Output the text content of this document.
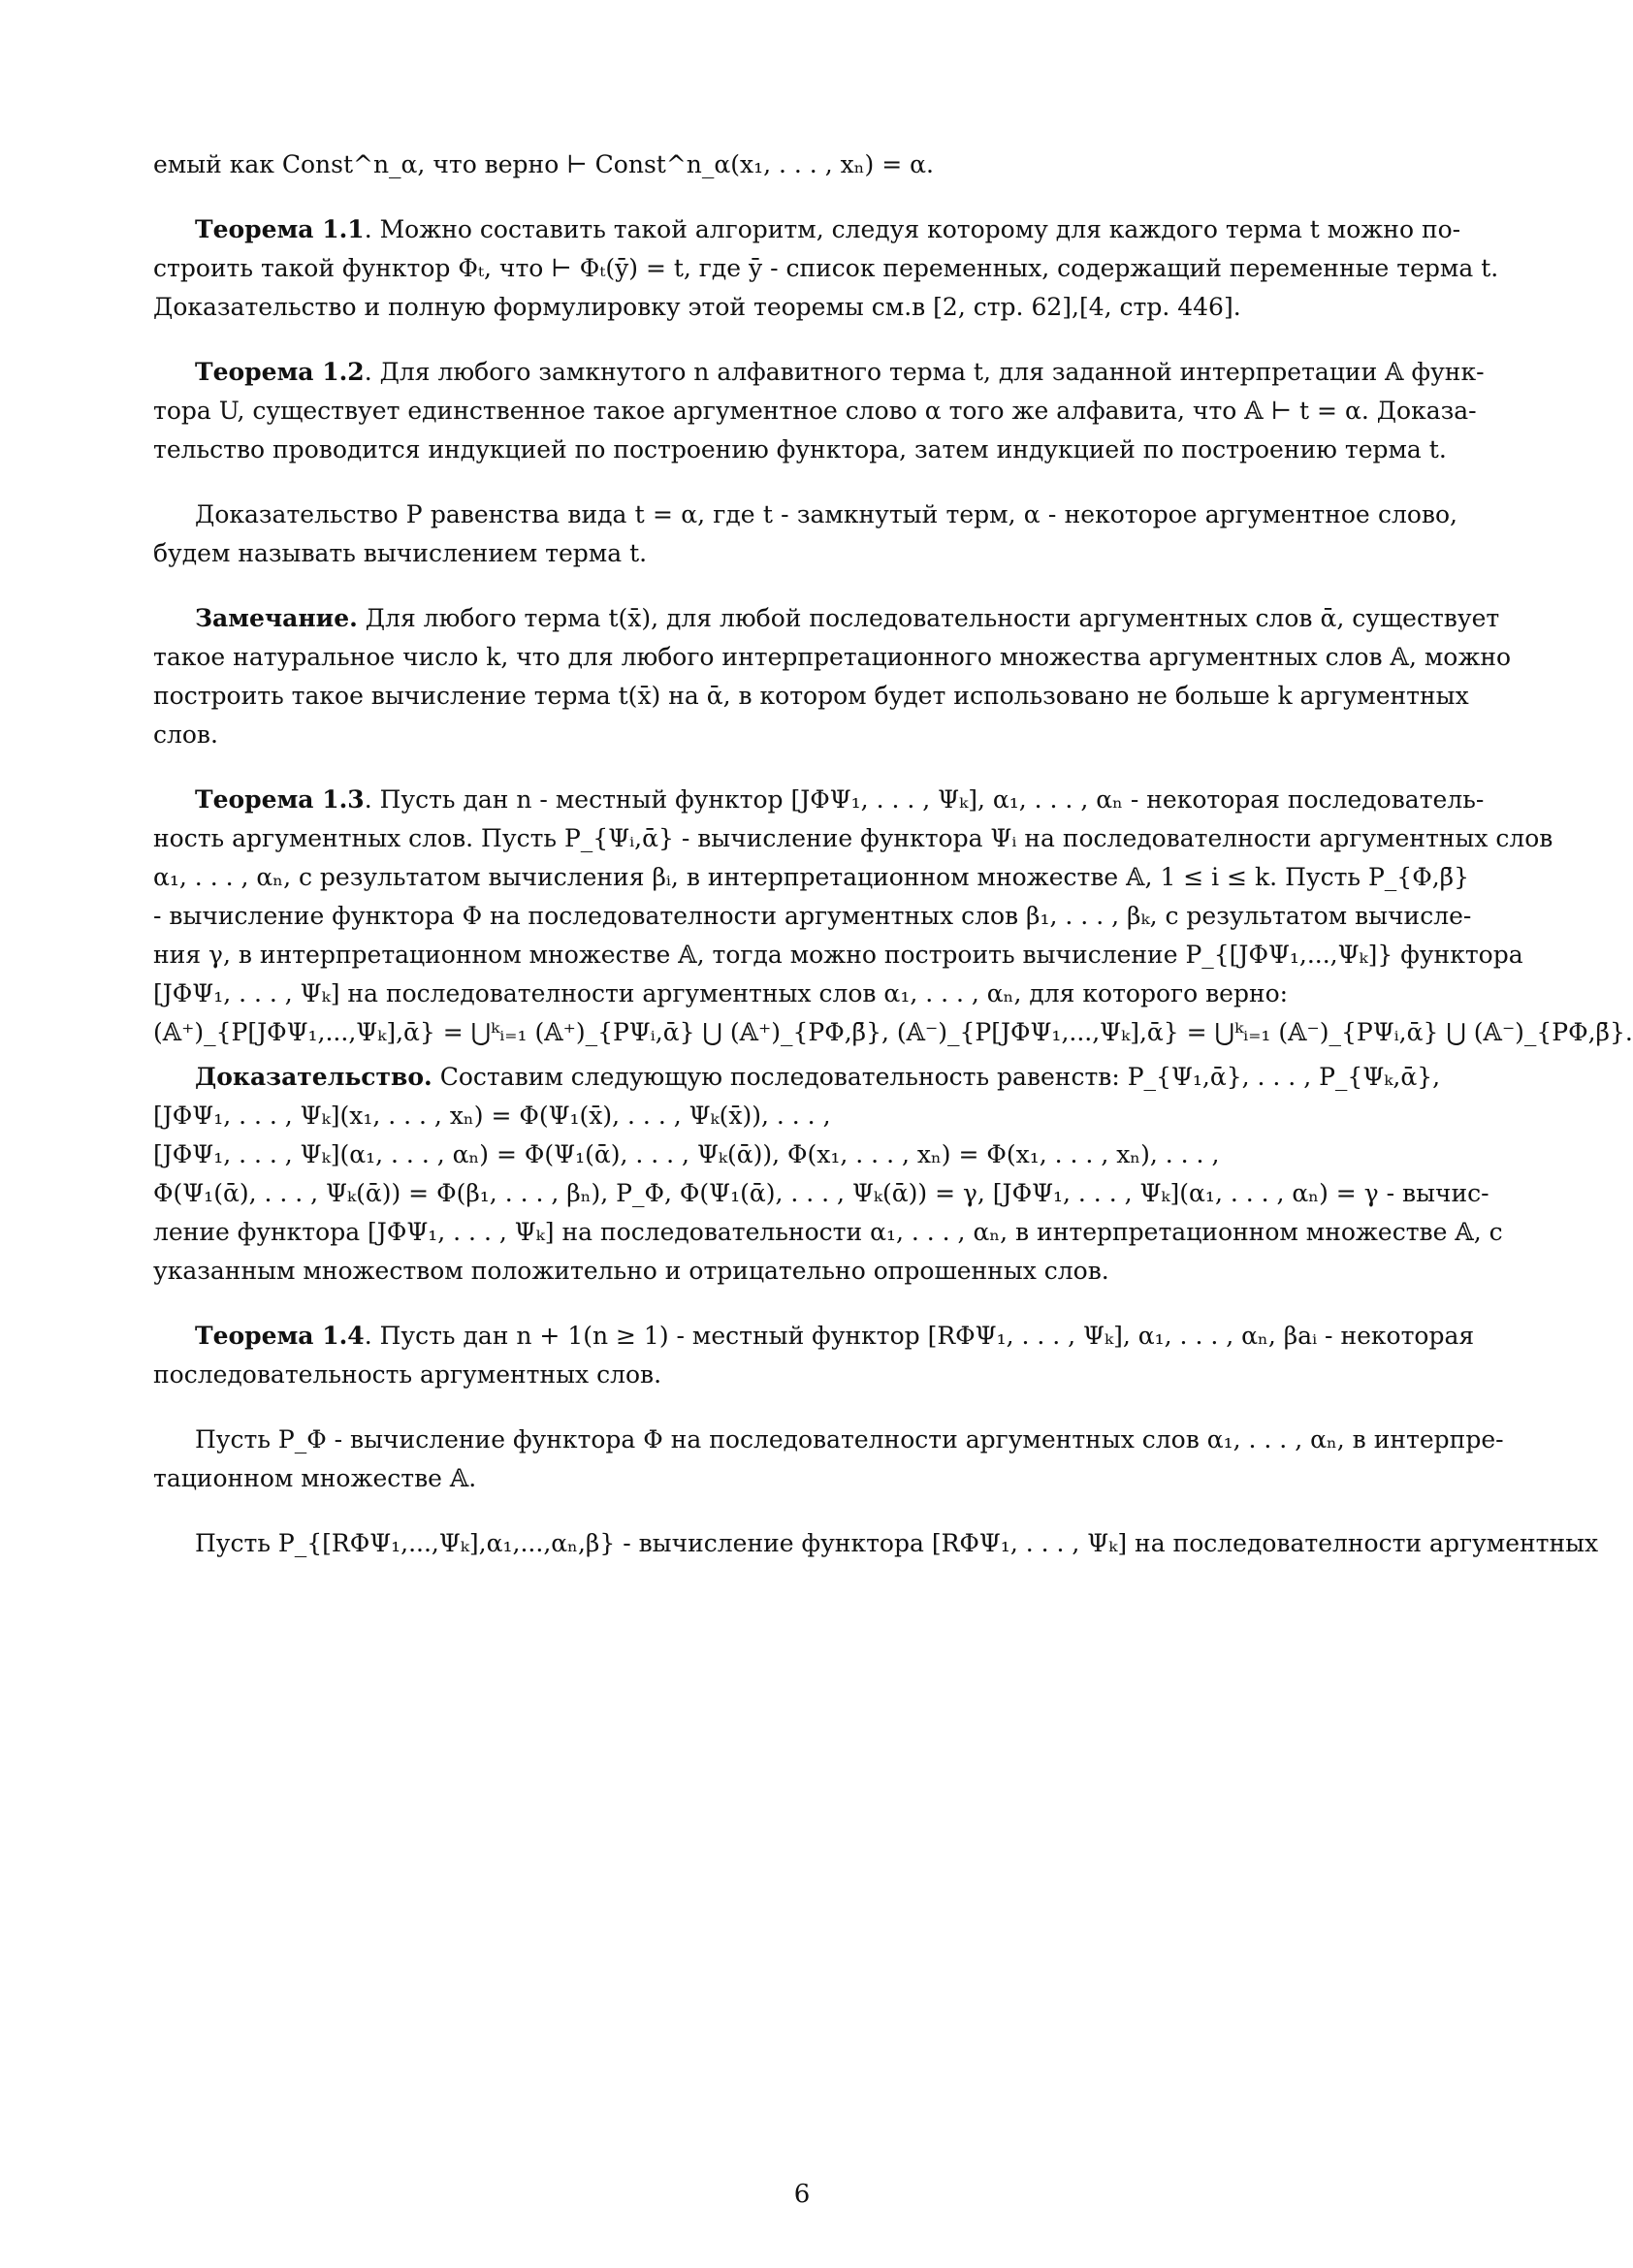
емый как Const^n_α, что верно ⊢ Const^n_α(x₁, . . . , xₙ) = α.
Теорема 1.1. Можно составить такой алгоритм, следуя которому для каждого терма t можно по-
строить такой функтор Φₜ, что ⊢ Φₜ(ȳ) = t, где ȳ - список переменных, содержащий переменные терма t.
Доказательство и полную формулировку этой теоремы см.в [2, стр. 62],[4, стр. 446].
Теорема 1.2. Для любого замкнутого n алфавитного терма t, для заданной интерпретации 𝔸 функ-
тора U, существует единственное такое аргументное слово α того же алфавита, что 𝔸 ⊢ t = α. Доказа-
тельство проводится индукцией по построению функтора, затем индукцией по построению терма t.
Доказательство P равенства вида t = α, где t - замкнутый терм, α - некоторое аргументное слово,
будем называть вычислением терма t.
Замечание. Для любого терма t(x̄), для любой последовательности аргументных слов ᾱ, существует
такое натуральное число k, что для любого интерпретационного множества аргументных слов 𝔸, можно
построить такое вычисление терма t(x̄) на ᾱ, в котором будет использовано не больше k аргументных
слов.
Теорема 1.3. Пусть дан n - местный функтор [JΦΨ₁, . . . , Ψₖ], α₁, . . . , αₙ - некоторая последователь-
ность аргументных слов. Пусть P_{Ψᵢ,ᾱ} - вычисление функтора Ψᵢ на последователности аргументных слов
α₁, . . . , αₙ, с результатом вычисления βᵢ, в интерпретационном множестве 𝔸, 1 ≤ i ≤ k. Пусть P_{Φ,β̄}
- вычисление функтора Φ на последователности аргументных слов β₁, . . . , βₖ, с результатом вычисле-
ния γ, в интерпретационном множестве 𝔸, тогда можно построить вычисление P_{[JΦΨ₁,...,Ψₖ]} функтора
[JΦΨ₁, . . . , Ψₖ] на последователности аргументных слов α₁, . . . , αₙ, для которого верно:
(𝔸⁺)_{P[JΦΨ₁,...,Ψₖ],ᾱ} = ⋃ᵏᵢ₌₁ (𝔸⁺)_{PΨᵢ,ᾱ} ⋃ (𝔸⁺)_{PΦ,β̄}, (𝔸⁻)_{P[JΦΨ₁,...,Ψₖ],ᾱ} = ⋃ᵏᵢ₌₁ (𝔸⁻)_{PΨᵢ,ᾱ} ⋃ (𝔸⁻)_{PΦ,β̄}.
Доказательство. Составим следующую последовательность равенств: P_{Ψ₁,ᾱ}, . . . , P_{Ψₖ,ᾱ},
[JΦΨ₁, . . . , Ψₖ](x₁, . . . , xₙ) = Φ(Ψ₁(x̄), . . . , Ψₖ(x̄)), . . . ,
[JΦΨ₁, . . . , Ψₖ](α₁, . . . , αₙ) = Φ(Ψ₁(ᾱ), . . . , Ψₖ(ᾱ)), Φ(x₁, . . . , xₙ) = Φ(x₁, . . . , xₙ), . . . ,
Φ(Ψ₁(ᾱ), . . . , Ψₖ(ᾱ)) = Φ(β₁, . . . , βₙ), P_Φ, Φ(Ψ₁(ᾱ), . . . , Ψₖ(ᾱ)) = γ, [JΦΨ₁, . . . , Ψₖ](α₁, . . . , αₙ) = γ - вычис-
ление функтора [JΦΨ₁, . . . , Ψₖ] на последовательности α₁, . . . , αₙ, в интерпретационном множестве 𝔸, с
указанным множеством положительно и отрицательно опрошенных слов.
Теорема 1.4. Пусть дан n + 1(n ≥ 1) - местный функтор [RΦΨ₁, . . . , Ψₖ], α₁, . . . , αₙ, βaᵢ - некоторая
последовательность аргументных слов.
Пусть P_Φ - вычисление функтора Φ на последователности аргументных слов α₁, . . . , αₙ, в интерпре-
тационном множестве 𝔸.
Пусть P_{[RΦΨ₁,...,Ψₖ],α₁,...,αₙ,β} - вычисление функтора [RΦΨ₁, . . . , Ψₖ] на последователности аргументных
6
